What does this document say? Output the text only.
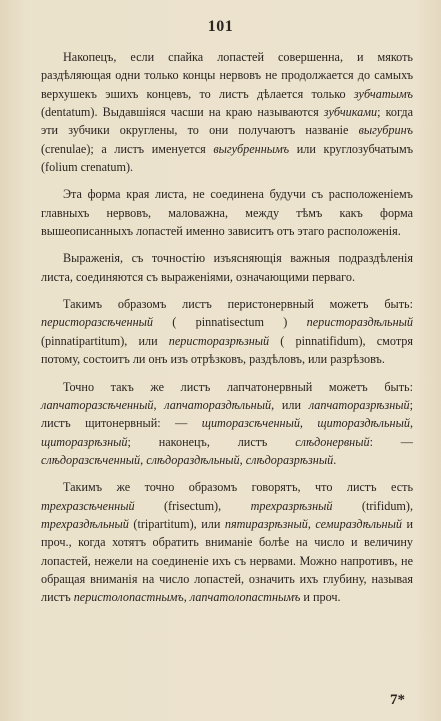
101

Накопецъ, если спайка лопастей совершенна, и мякоть раздѣляющая одни только концы нервовъ не продолжается до самыхъ верхушекъ эшихъ концевъ, то листъ дѣлается только зубчатымъ (dentatum). Выдавшіяся часши на краю называются зубчиками; когда эти зубчики округлены, то они получаютъ названіе выгубринъ (crenulae); а листъ именуется выгубреннымъ или круглозубчатымъ (folium crenatum).

Эта форма края листа, не соединена будучи съ расположеніемъ главныхъ нервовъ, маловажна, между тѣмъ какъ форма вышеописанныхъ лопастей именно зависитъ отъ этаго расположенія.

Выраженія, съ точностію изъясняющія важныя подраздѣленія листа, соединяются съ выраженіями, означающими перваго.

Такимъ образомъ листъ перистонервный можетъ быть: перисторазсѣченный ( pinnatisectum ) перистораздѣльный (pinnatipartitum), или перисторазрѣзный ( pinnatifidum), смотря потому, состоитъ ли онъ изъ отрѣзковъ, раздѣловъ, или разрѣзовъ.

Точно такъ же листъ лапчатонервный можетъ быть: лапчаторазсѣченный, лапчатораздѣльный, или лапчаторазрѣзный; листъ щитонервный: — щиторазсѣченный, щитораздѣльный, щиторазрѣзный; наконецъ, листъ слѣдонервный: — слѣдоразсѣченный, слѣдораздѣльный, слѣдоразрѣзный.

Такимъ же точно образомъ говорятъ, что листъ есть трехразсѣченный (frisectum), трехразрѣзный (trifidum), трехраздѣльный (tripartitum), или пятиразрѣзный, семираздѣльный и проч., когда хотятъ обратить вниманіе болѣе на число и величину лопастей, нежели на соединеніе ихъ съ нервами. Можно напротивъ, не обращая вниманія на число лопастей, означить ихъ глубину, называя листъ перистолопастнымъ, лапчатолопастнымъ и проч.

7*
